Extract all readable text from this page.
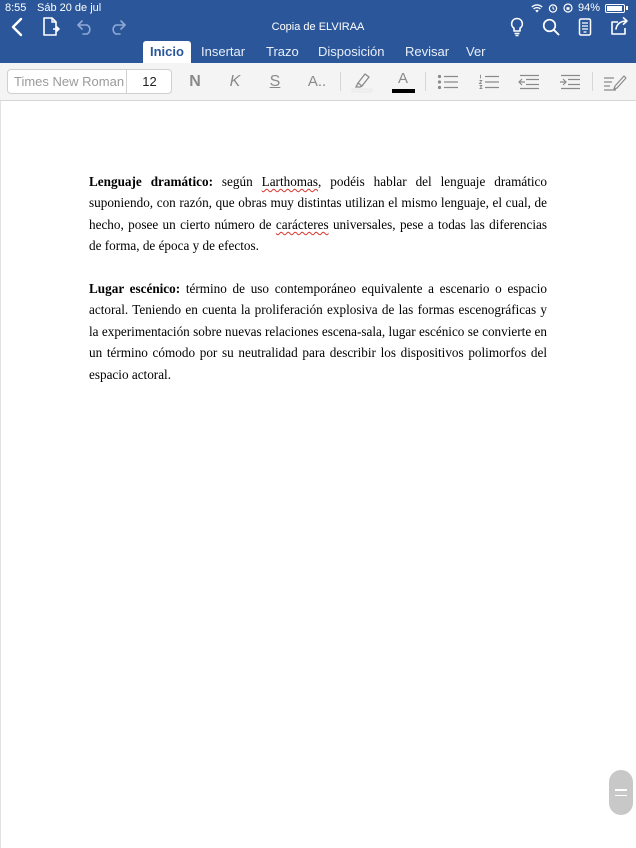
8:55 Sáb 20 de jul	94%
Copia de ELVIRAA
Inicio	Insertar	Trazo	Disposición	Revisar	Ver
Times New Roman	12	N	K	S	A..	A

Lenguaje dramático: según Larthomas, podéis hablar del lenguaje dramático suponiendo, con razón, que obras muy distintas utilizan el mismo lenguaje, el cual, de hecho, posee un cierto número de carácteres universales, pese a todas las diferencias de forma, de época y de efectos.

Lugar escénico: término de uso contemporáneo equivalente a escenario o espacio actoral. Teniendo en cuenta la proliferación explosiva de las formas escenográficas y la experimentación sobre nuevas relaciones escena-sala, lugar escénico se convierte en un término cómodo por su neutralidad para describir los dispositivos polimorfos del espacio actoral.
